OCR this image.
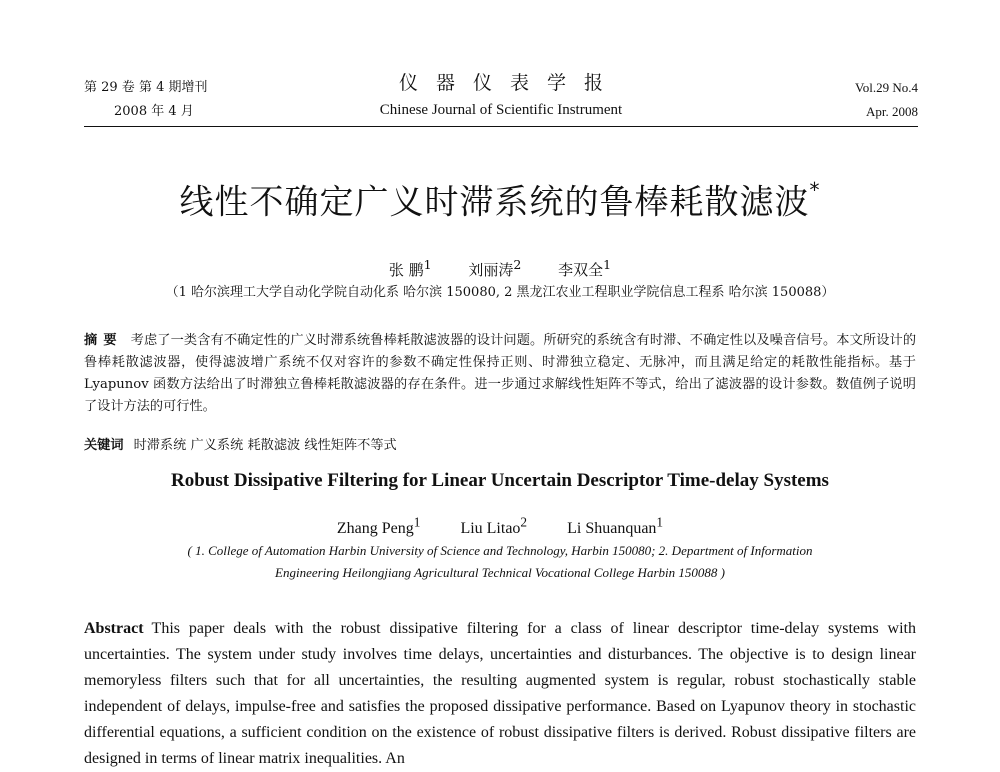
第 29 卷 第 4 期增刊
2008 年 4 月
仪器仪表学报
Chinese Journal of Scientific Instrument
Vol.29 No.4
Apr. 2008
线性不确定广义时滞系统的鲁棒耗散滤波*
张 鹏$^1$ 刘丽涛$^2$ 李双全$^1$
（1 哈尔滨理工大学自动化学院自动化系 哈尔滨 150080, 2 黑龙江农业工程职业学院信息工程系 哈尔滨 150088）
摘要 考虑了一类含有不确定性的广义时滞系统鲁棒耗散滤波器的设计问题。所研究的系统含有时滞、不确定性以及噪音信号。本文所设计的鲁棒耗散滤波器，使得滤波增广系统不仅对容许的参数不确定性保持正则、时滞独立稳定、无脉冲，而且满足给定的耗散性能指标。基于 Lyapunov 函数方法给出了时滞独立鲁棒耗散滤波器的存在条件。进一步通过求解线性矩阵不等式，给出了滤波器的设计参数。数值例子说明了设计方法的可行性。
关键词 时滞系统 广义系统 耗散滤波 线性矩阵不等式
Robust Dissipative Filtering for Linear Uncertain Descriptor Time-delay Systems
Zhang Peng$^1$	Liu Litao$^2$	Li Shuanquan$^1$
( 1. College of Automation Harbin University of Science and Technology, Harbin 150080; 2. Department of Information
Engineering Heilongjiang Agricultural Technical Vocational College Harbin 150088 )
Abstract This paper deals with the robust dissipative filtering for a class of linear descriptor time-delay systems with uncertainties. The system under study involves time delays, uncertainties and disturbances. The objective is to design linear memoryless filters such that for all uncertainties, the resulting augmented system is regular, robust stochastically stable independent of delays, impulse-free and satisfies the proposed dissipative performance. Based on Lyapunov theory in stochastic differential equations, a sufficient condition on the existence of robust dissipative filters is derived. Robust dissipative filters are designed in terms of linear matrix inequalities. An
